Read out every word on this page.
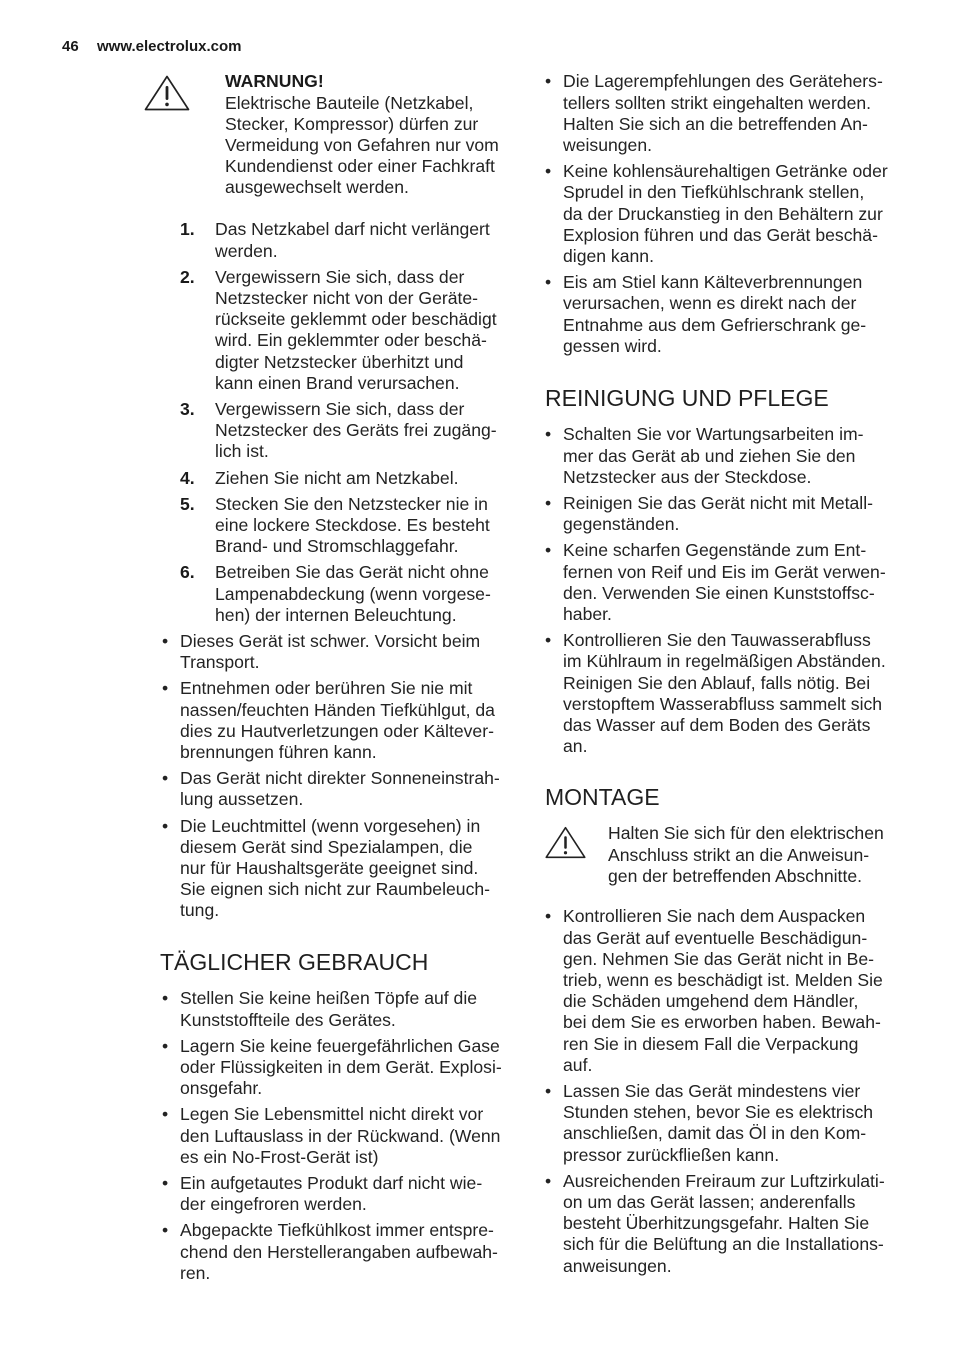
46 www.electrolux.com
WARNUNG!
Elektrische Bauteile (Netzkabel,
Stecker, Kompressor) dürfen zur
Vermeidung von Gefahren nur vom
Kundendienst oder einer Fachkraft
ausgewechselt werden.
1. Das Netzkabel darf nicht verlängert
werden.
2. Vergewissern Sie sich, dass der
Netzstecker nicht von der Geräte-
rückseite geklemmt oder beschädigt
wird. Ein geklemmter oder beschä-
digter Netzstecker überhitzt und
kann einen Brand verursachen.
3. Vergewissern Sie sich, dass der
Netzstecker des Geräts frei zugäng-
lich ist.
4. Ziehen Sie nicht am Netzkabel.
5. Stecken Sie den Netzstecker nie in
eine lockere Steckdose. Es besteht
Brand- und Stromschlaggefahr.
6. Betreiben Sie das Gerät nicht ohne
Lampenabdeckung (wenn vorgese-
hen) der internen Beleuchtung.
• Dieses Gerät ist schwer. Vorsicht beim
Transport.
• Entnehmen oder berühren Sie nie mit
nassen/feuchten Händen Tiefkühlgut, da
dies zu Hautverletzungen oder Kältever-
brennungen führen kann.
• Das Gerät nicht direkter Sonneneinstrah-
lung aussetzen.
• Die Leuchtmittel (wenn vorgesehen) in
diesem Gerät sind Spezialampen, die
nur für Haushaltsgeräte geeignet sind.
Sie eignen sich nicht zur Raumbeleuch-
tung.
TÄGLICHER GEBRAUCH
• Stellen Sie keine heißen Töpfe auf die
Kunststoffteile des Gerätes.
• Lagern Sie keine feuergefährlichen Gase
oder Flüssigkeiten in dem Gerät. Explosi-
onsgefahr.
• Legen Sie Lebensmittel nicht direkt vor
den Luftauslass in der Rückwand. (Wenn
es ein No-Frost-Gerät ist)
• Ein aufgetautes Produkt darf nicht wie-
der eingefroren werden.
• Abgepackte Tiefkühlkost immer entspre-
chend den Herstellerangaben aufbewah-
ren.
• Die Lagerempfehlungen des Gerätehers-
tellers sollten strikt eingehalten werden.
Halten Sie sich an die betreffenden An-
weisungen.
• Keine kohlensäurehaltigen Getränke oder
Sprudel in den Tiefkühlschrank stellen,
da der Druckanstieg in den Behältern zur
Explosion führen und das Gerät beschä-
digen kann.
• Eis am Stiel kann Kälteverbrennungen
verursachen, wenn es direkt nach der
Entnahme aus dem Gefrierschrank ge-
gessen wird.
REINIGUNG UND PFLEGE
• Schalten Sie vor Wartungsarbeiten im-
mer das Gerät ab und ziehen Sie den
Netzstecker aus der Steckdose.
• Reinigen Sie das Gerät nicht mit Metall-
gegenständen.
• Keine scharfen Gegenstände zum Ent-
fernen von Reif und Eis im Gerät verwen-
den. Verwenden Sie einen Kunststoffsc-
haber.
• Kontrollieren Sie den Tauwasserabfluss
im Kühlraum in regelmäßigen Abständen.
Reinigen Sie den Ablauf, falls nötig. Bei
verstopftem Wasserabfluss sammelt sich
das Wasser auf dem Boden des Geräts
an.
MONTAGE
Halten Sie sich für den elektrischen
Anschluss strikt an die Anweisun-
gen der betreffenden Abschnitte.
• Kontrollieren Sie nach dem Auspacken
das Gerät auf eventuelle Beschädigun-
gen. Nehmen Sie das Gerät nicht in Be-
trieb, wenn es beschädigt ist. Melden Sie
die Schäden umgehend dem Händler,
bei dem Sie es erworben haben. Bewah-
ren Sie in diesem Fall die Verpackung
auf.
• Lassen Sie das Gerät mindestens vier
Stunden stehen, bevor Sie es elektrisch
anschließen, damit das Öl in den Kom-
pressor zurückfließen kann.
• Ausreichenden Freiraum zur Luftzirkulati-
on um das Gerät lassen; anderenfalls
besteht Überhitzungsgefahr. Halten Sie
sich für die Belüftung an die Installations-
anweisungen.
